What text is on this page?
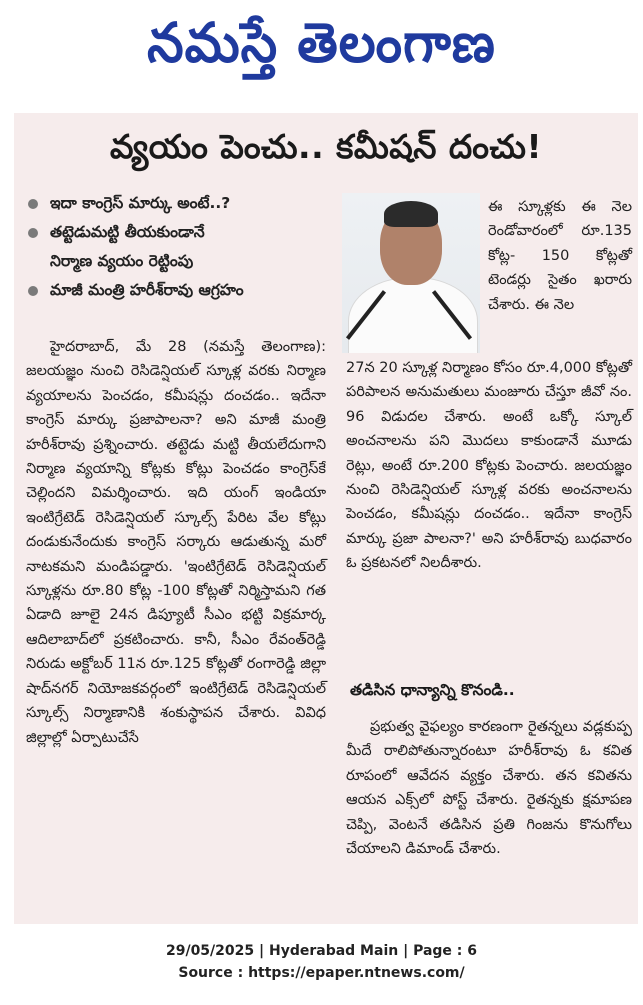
నమస్తే తెలంగాణ
వ్యయం పెంచు.. కమీషన్ దంచు!
ఇదా కాంగ్రెస్ మార్కు అంటే..?
తట్టెడుమట్టి తీయకుండానే
నిర్మాణ వ్యయం రెట్టింపు
మాజీ మంత్రి హరీశ్‌రావు ఆగ్రహం

ఈ స్కూళ్లకు ఈ నెల రెండోవారంలో రూ.135 కోట్ల- 150 కోట్లతో టెండర్లు సైతం ఖరారు చేశారు. ఈ నెల

27న 20 స్కూళ్ల నిర్మాణం కోసం రూ.4,000 కోట్లతో పరిపాలన అనుమతులు మంజూరు చేస్తూ జీవో నం. 96 విడుదల చేశారు. అంటే ఒక్కో స్కూల్ అంచనాలను పని మొదలు కాకుండానే మూడు రెట్లు, అంటే రూ.200 కోట్లకు పెంచారు. జలయజ్ఞం నుంచి రెసిడెన్షియల్ స్కూళ్ల వరకు అంచనాలను పెంచడం, కమీషన్లు దంచడం.. ఇదేనా కాంగ్రెస్ మార్కు ప్రజా పాలనా?' అని హరీశ్‌రావు బుధవారం ఓ ప్రకటనలో నిలదీశారు.

హైదరాబాద్, మే 28 (నమస్తే తెలంగాణ): జలయజ్ఞం నుంచి రెసిడెన్షియల్ స్కూళ్ల వరకు నిర్మాణ వ్యయాలను పెంచడం, కమీషన్లు దంచడం.. ఇదేనా కాంగ్రెస్ మార్కు ప్రజాపాలనా? అని మాజీ మంత్రి హరీశ్‌రావు ప్రశ్నించారు. తట్టెడు మట్టి తీయలేదుగాని నిర్మాణ వ్యయాన్ని కోట్లకు కోట్లు పెంచడం కాంగ్రెస్‌కే చెల్లిందని విమర్శించారు. ఇది యంగ్ ఇండియా ఇంటిగ్రేటెడ్ రెసిడెన్షియల్ స్కూల్స్ పేరిట వేల కోట్లు దండుకునేందుకు కాంగ్రెస్ సర్కారు ఆడుతున్న మరో నాటకమని మండిపడ్డారు. 'ఇంటిగ్రేటెడ్ రెసిడెన్షియల్ స్కూళ్లను రూ.80 కోట్ల -100 కోట్లతో నిర్మిస్తామని గత ఏడాది జూలై 24న డిప్యూటీ సీఎం భట్టి విక్రమార్క ఆదిలాబాద్‌లో ప్రకటించారు. కానీ, సీఎం రేవంత్‌రెడ్డి నిరుడు అక్టోబర్ 11న రూ.125 కోట్లతో రంగారెడ్డి జిల్లా షాద్‌నగర్ నియోజకవర్గంలో ఇంటిగ్రేటెడ్ రెసిడెన్షియల్ స్కూల్స్ నిర్మాణానికి శంకుస్థాపన చేశారు. వివిధ జిల్లాల్లో ఏర్పాటుచేసే

తడిసిన ధాన్యాన్ని కొనండి..

ప్రభుత్వ వైఫల్యం కారణంగా రైతన్నలు వడ్లకుప్ప మీదే రాలిపోతున్నారంటూ హరీశ్‌రావు ఓ కవిత రూపంలో ఆవేదన వ్యక్తం చేశారు. తన కవితను ఆయన ఎక్స్‌లో పోస్ట్ చేశారు. రైతన్నకు క్షమాపణ చెప్పి, వెంటనే తడిసిన ప్రతి గింజను కొనుగోలు చేయాలని డిమాండ్ చేశారు.

29/05/2025 | Hyderabad Main | Page : 6
Source : https://epaper.ntnews.com/
